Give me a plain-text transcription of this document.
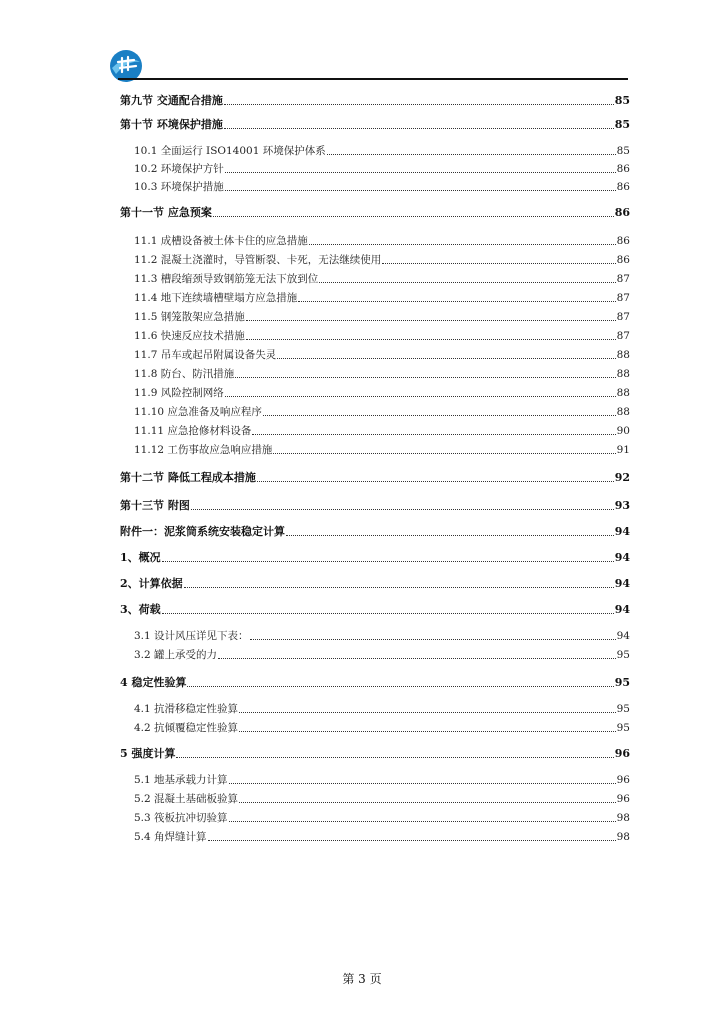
第九节 交通配合措施	85
第十节 环境保护措施	85
10.1 全面运行 ISO14001 环境保护体系	85
10.2 环境保护方针	86
10.3 环境保护措施	86
第十一节 应急预案	86
11.1 成槽设备被土体卡住的应急措施	86
11.2 混凝土浇灌时，导管断裂、卡死，无法继续使用	86
11.3 槽段缩颈导致钢筋笼无法下放到位	87
11.4 地下连续墙槽壁塌方应急措施	87
11.5 钢笼散架应急措施	87
11.6 快速反应技术措施	87
11.7 吊车或起吊附属设备失灵	88
11.8 防台、防汛措施	88
11.9 风险控制网络	88
11.10 应急准备及响应程序	88
11.11 应急抢修材料设备	90
11.12 工伤事故应急响应措施	91
第十二节 降低工程成本措施	92
第十三节 附图	93
附件一：泥浆筒系统安装稳定计算	94
1、概况	94
2、计算依据	94
3、荷载	94
3.1 设计风压详见下表：	94
3.2 罐上承受的力	95
4 稳定性验算	95
4.1 抗滑移稳定性验算	95
4.2 抗倾覆稳定性验算	95
5 强度计算	96
5.1 地基承载力计算	96
5.2 混凝土基础板验算	96
5.3 筏板抗冲切验算	98
5.4 角焊缝计算	98
第 3 页
